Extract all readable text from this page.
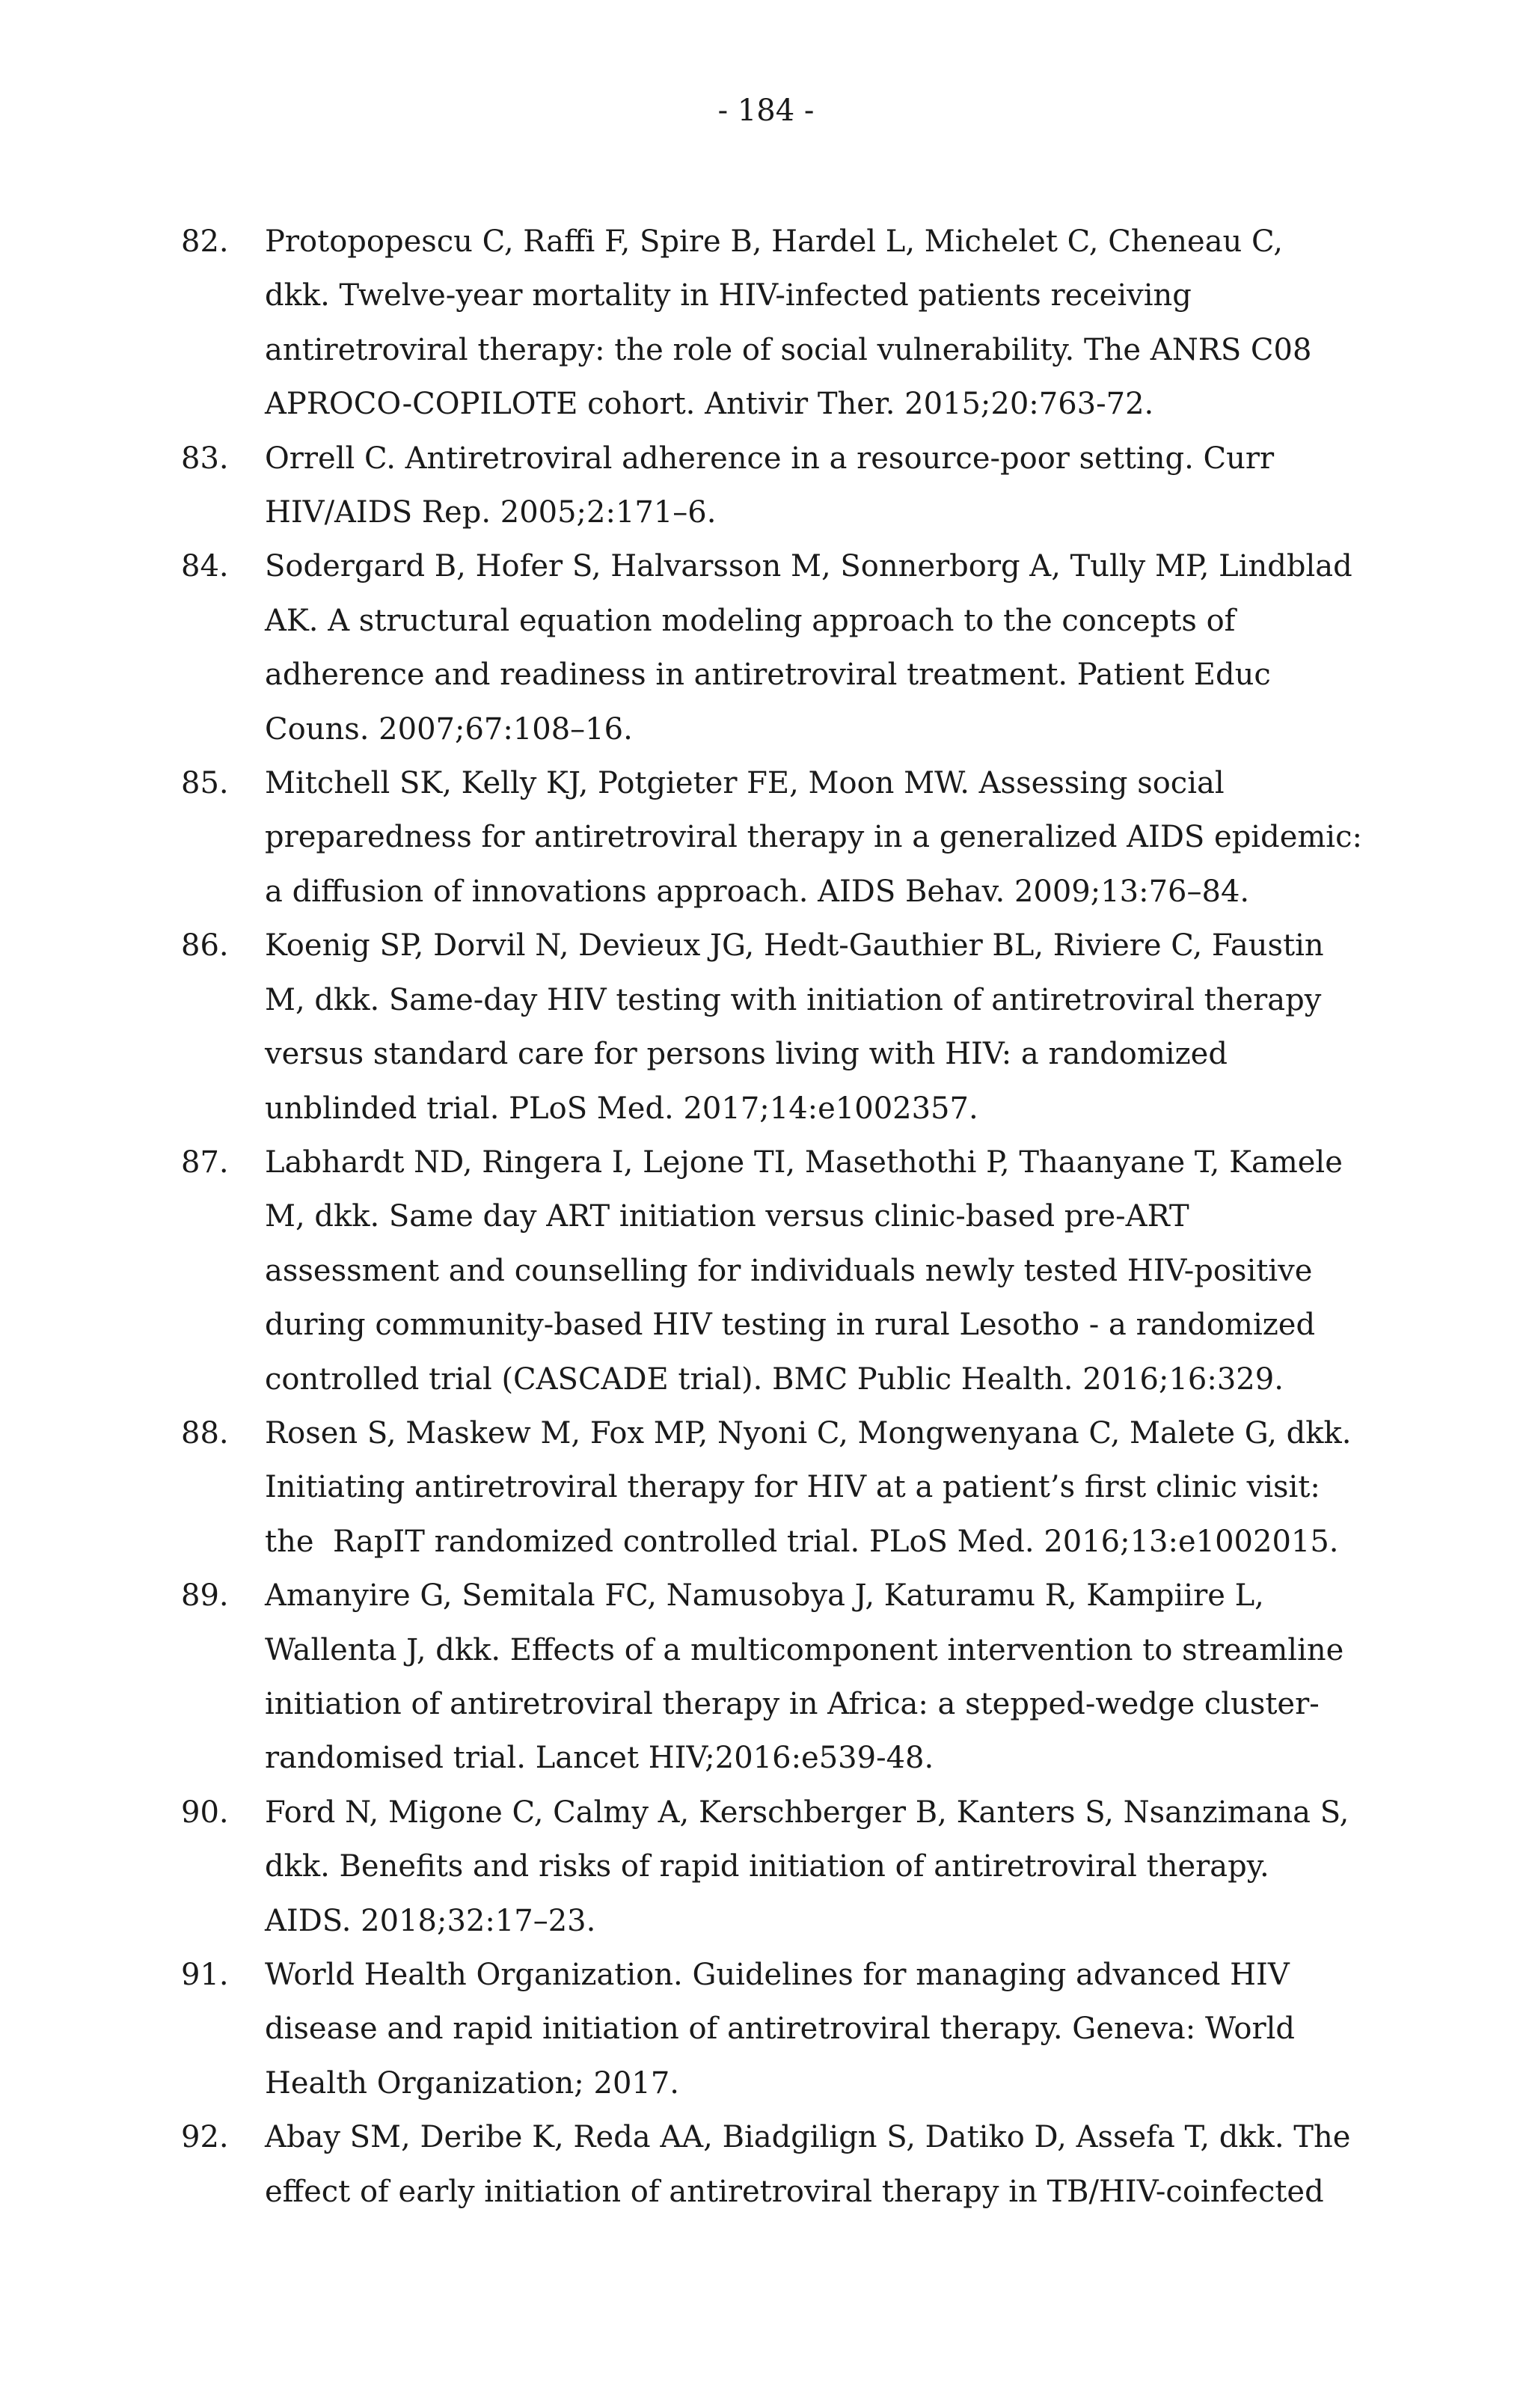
- 184 -
82.	Protopopescu C, Raffi F, Spire B, Hardel L, Michelet C, Cheneau C,
dkk. Twelve-year mortality in HIV-infected patients receiving
antiretroviral therapy: the role of social vulnerability. The ANRS C08
APROCO-COPILOTE cohort. Antivir Ther. 2015;20:763-72.
83.	Orrell C. Antiretroviral adherence in a resource-poor setting. Curr
HIV/AIDS Rep. 2005;2:171–6.
84.	Sodergard B, Hofer S, Halvarsson M, Sonnerborg A, Tully MP, Lindblad
AK. A structural equation modeling approach to the concepts of
adherence and readiness in antiretroviral treatment. Patient Educ
Couns. 2007;67:108–16.
85.	Mitchell SK, Kelly KJ, Potgieter FE, Moon MW. Assessing social
preparedness for antiretroviral therapy in a generalized AIDS epidemic:
a diffusion of innovations approach. AIDS Behav. 2009;13:76–84.
86.	Koenig SP, Dorvil N, Devieux JG, Hedt-Gauthier BL, Riviere C, Faustin
M, dkk. Same-day HIV testing with initiation of antiretroviral therapy
versus standard care for persons living with HIV: a randomized
unblinded trial. PLoS Med. 2017;14:e1002357.
87.	Labhardt ND, Ringera I, Lejone TI, Masethothi P, Thaanyane T, Kamele
M, dkk. Same day ART initiation versus clinic-based pre-ART
assessment and counselling for individuals newly tested HIV-positive
during community-based HIV testing in rural Lesotho - a randomized
controlled trial (CASCADE trial). BMC Public Health. 2016;16:329.
88.	Rosen S, Maskew M, Fox MP, Nyoni C, Mongwenyana C, Malete G, dkk.
Initiating antiretroviral therapy for HIV at a patient’s first clinic visit:
the  RapIT randomized controlled trial. PLoS Med. 2016;13:e1002015.
89.	Amanyire G, Semitala FC, Namusobya J, Katuramu R, Kampiire L,
Wallenta J, dkk. Effects of a multicomponent intervention to streamline
initiation of antiretroviral therapy in Africa: a stepped-wedge cluster-
randomised trial. Lancet HIV;2016:e539-48.
90.	Ford N, Migone C, Calmy A, Kerschberger B, Kanters S, Nsanzimana S,
dkk. Benefits and risks of rapid initiation of antiretroviral therapy.
AIDS. 2018;32:17–23.
91.	World Health Organization. Guidelines for managing advanced HIV
disease and rapid initiation of antiretroviral therapy. Geneva: World
Health Organization; 2017.
92.	Abay SM, Deribe K, Reda AA, Biadgilign S, Datiko D, Assefa T, dkk. The
effect of early initiation of antiretroviral therapy in TB/HIV-coinfected
